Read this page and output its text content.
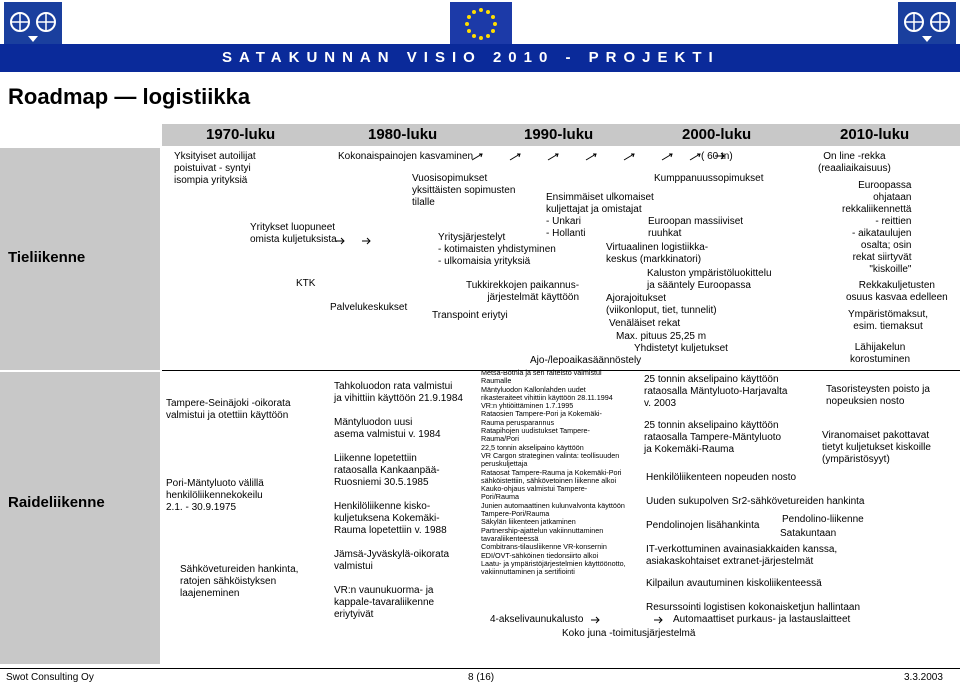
SATAKUNNAN VISIO 2010 - PROJEKTI
Roadmap — logistiikka
1970-luku	1980-luku	1990-luku	2000-luku	2010-luku
Tieliikenne
Raideliikenne
Yksityiset autoilijat
poistuivat - syntyi
isompia yrityksiä
Yritykset luopuneet
omista kuljetuksista
KTK
Kokonaispainojen kasvaminen	( 60 tn)
Vuosisopimukset
yksittäisten sopimusten
tilalle
Yritysjärjestelyt
- kotimaisten yhdistyminen
- ulkomaisia yrityksiä
Palvelukeskukset
Tukkirekkojen paikannus-
järjestelmät käyttöön
Transpoint eriytyi
Kumppanuussopimukset
Ensimmäiset ulkomaiset
kuljettajat ja omistajat
- Unkari
- Hollanti
Euroopan massiiviset
ruuhkat
Virtuaalinen logistiikka-
keskus (markkinatori)
Kaluston ympäristöluokittelu
ja sääntely Euroopassa
Ajorajoitukset
(viikonloput, tiet, tunnelit)
Venäläiset rekat
Max. pituus 25,25 m
Yhdistetyt kuljetukset
Ajo-/lepoaikasäännöstely
On line -rekka
(reaaliaikaisuus)
Euroopassa
ohjataan
rekkaliikennettä
- reittien
- aikataulujen
osalta; osin
rekat siirtyvät
"kiskoille"
Rekkakuljetusten
osuus kasvaa edelleen
Ympäristömaksut,
esim. tiemaksut
Lähijakelun
korostuminen
Tampere-Seinäjoki -oikorata
valmistui ja otettiin käyttöön
Pori-Mäntyluoto välillä
henkilöliikennekokeilu
2.1. - 30.9.1975
Sähkövetureiden hankinta,
ratojen sähköistyksen
laajeneminen
Tahkoluodon rata valmistui
ja vihittiin käyttöön 21.9.1984

Mäntyluodon uusi
asema valmistui v. 1984

Liikenne lopetettiin
rataosalla Kankaanpää-
Ruosniemi 30.5.1985

Henkilöliikenne kisko-
kuljetuksena Kokemäki-
Rauma lopetettiin v. 1988

Jämsä-Jyväskylä-oikorata
valmistui

VR:n vaunukuorma- ja
kappale-tavaraliikenne
eriytyivät
Metsä-Botnia ja sen raiteisto valmistui
Raumalle
Mäntyluodon Kallonlahden uudet
rikasteraiteet vihittiin käyttöön 28.11.1994
VR:n yhtiöittäminen 1.7.1995
Rataosien Tampere-Pori ja Kokemäki-
Rauma perusparannus
Ratapihojen uudistukset Tampere-
Rauma/Pori
22,5 tonnin akselipaino käyttöön
VR Cargon strateginen valinta: teollisuuden
peruskuljettaja
Rataosat Tampere-Rauma ja Kokemäki-Pori
sähköistettiin, sähkövetoinen liikenne alkoi
Kauko-ohjaus valmistui Tampere-
Pori/Rauma
Junien automaattinen kulunvalvonta käyttöön
Tampere-Pori/Rauma
Säkylän liikenteen jatkaminen
Partnership-ajattelun vakiinnuttaminen
tavaraliikenteessä
Combitrans-tilausliikenne VR-konsernin
EDI/OVT-sähköinen tiedonsiirto alkoi
Laatu- ja ympäristöjärjestelmien käyttöönotto,
vakiinnuttaminen ja sertifiointi
25 tonnin akselipaino käyttöön
rataosalla Mäntyluoto-Harjavalta
v. 2003
25 tonnin akselipaino käyttöön
rataosalla Tampere-Mäntyluoto
ja Kokemäki-Rauma
Henkilöliikenteen nopeuden nosto
Uuden sukupolven Sr2-sähkövetureiden hankinta
Pendolino-liikenne
Pendolinojen lisähankinta
Satakuntaan
IT-verkottuminen avainasiakkaiden kanssa,
asiakaskohtaiset extranet-järjestelmät
Kilpailun avautuminen kiskoliikenteessä
Resurssointi logistisen kokonaisketjun hallintaan
4-akselivaunukalusto	Automaattiset purkaus- ja lastauslaitteet
Koko juna -toimitusjärjestelmä
Tasoristeysten poisto ja
nopeuksien nosto
Viranomaiset pakottavat
tietyt kuljetukset kiskoille
(ympäristösyyt)
Swot Consulting Oy	8 (16)	3.3.2003
